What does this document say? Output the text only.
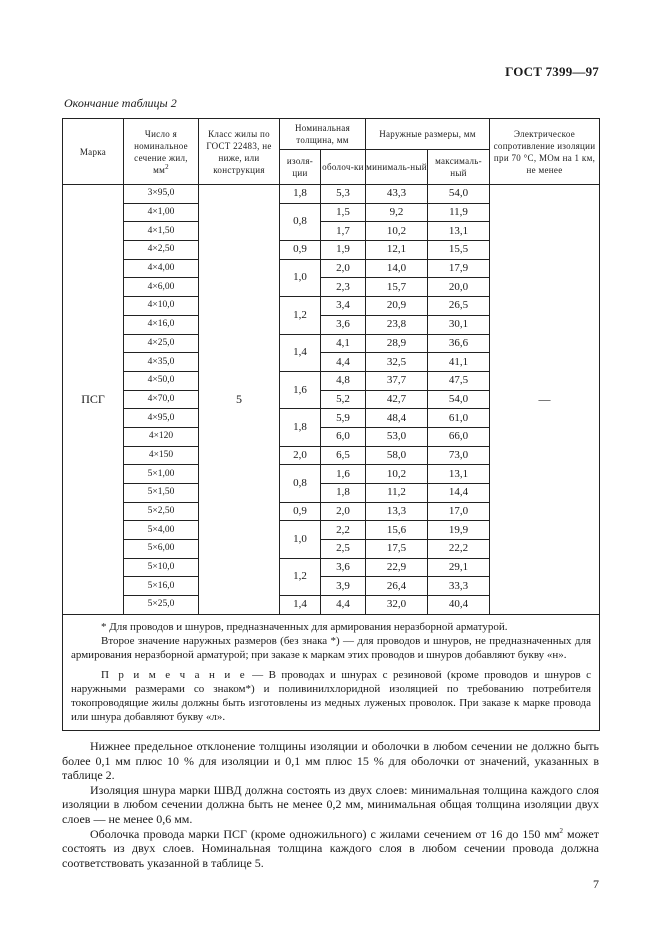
ГОСТ 7399—97
Окончание таблицы 2
Марка	Число я номинальное сечение жил, $мм^2$	Класс жилы по ГОСТ 22483, не ниже, или конструкция	Номинальная толщина, мм		Наружные размеры, мм		Электрическое сопротивление изоляции при 70 °С, МОм на 1 км, не менее
			изоля-ции	оболоч-ки	минималь-ный	максималь-ный	
ПСГ	3×95,0	5	1,8	5,3	43,3	54,0	—
	4×1,00		0,8	1,5	9,2	11,9	
	4×1,50			1,7	10,2	13,1	
	4×2,50		0,9	1,9	12,1	15,5	
	4×4,00		1,0	2,0	14,0	17,9	
	4×6,00			2,3	15,7	20,0	
	4×10,0		1,2	3,4	20,9	26,5	
	4×16,0			3,6	23,8	30,1	
	4×25,0		1,4	4,1	28,9	36,6	
	4×35,0			4,4	32,5	41,1	
	4×50,0		1,6	4,8	37,7	47,5	
	4×70,0			5,2	42,7	54,0	
	4×95,0		1,8	5,9	48,4	61,0	
	4×120			6,0	53,0	66,0	
	4×150		2,0	6,5	58,0	73,0	
	5×1,00		0,8	1,6	10,2	13,1	
	5×1,50			1,8	11,2	14,4	
	5×2,50		0,9	2,0	13,3	17,0	
	5×4,00		1,0	2,2	15,6	19,9	
	5×6,00			2,5	17,5	22,2	
	5×10,0		1,2	3,6	22,9	29,1	
	5×16,0			3,9	26,4	33,3	
	5×25,0		1,4	4,4	32,0	40,4	

* Для проводов и шнуров, предназначенных для армирования неразборной арматурой.

Второе значение наружных размеров (без знака *) — для проводов и шнуров, не предназначенных для армирования неразборной арматурой; при заказе к маркам этих проводов и шнуров добавляют букву «н».

П р и м е ч а н и е — В проводах и шнурах с резиновой (кроме проводов и шнуров с наружными размерами со знаком*) и поливинилхлоридной изоляцией по требованию потребителя токопроводящие жилы должны быть изготовлены из медных луженых проволок. При заказе к марке провода или шнура добавляют букву «л».							

Нижнее предельное отклонение толщины изоляции и оболочки в любом сечении не должно быть более 0,1 мм плюс 10 % для изоляции и 0,1 мм плюс 15 % для оболочки от значений, указанных в таблице 2.

Изоляция шнура марки ШВД должна состоять из двух слоев: минимальная толщина каждого слоя изоляции в любом сечении должна быть не менее 0,2 мм, минимальная общая толщина изоляции двух слоев — не менее 0,6 мм.

Оболочка провода марки ПСГ (кроме одножильного) с жилами сечением от 16 до 150 $мм^2$ может состоять из двух слоев. Номинальная толщина каждого слоя в любом сечении провода должна соответствовать указанной в таблице 5.

7
